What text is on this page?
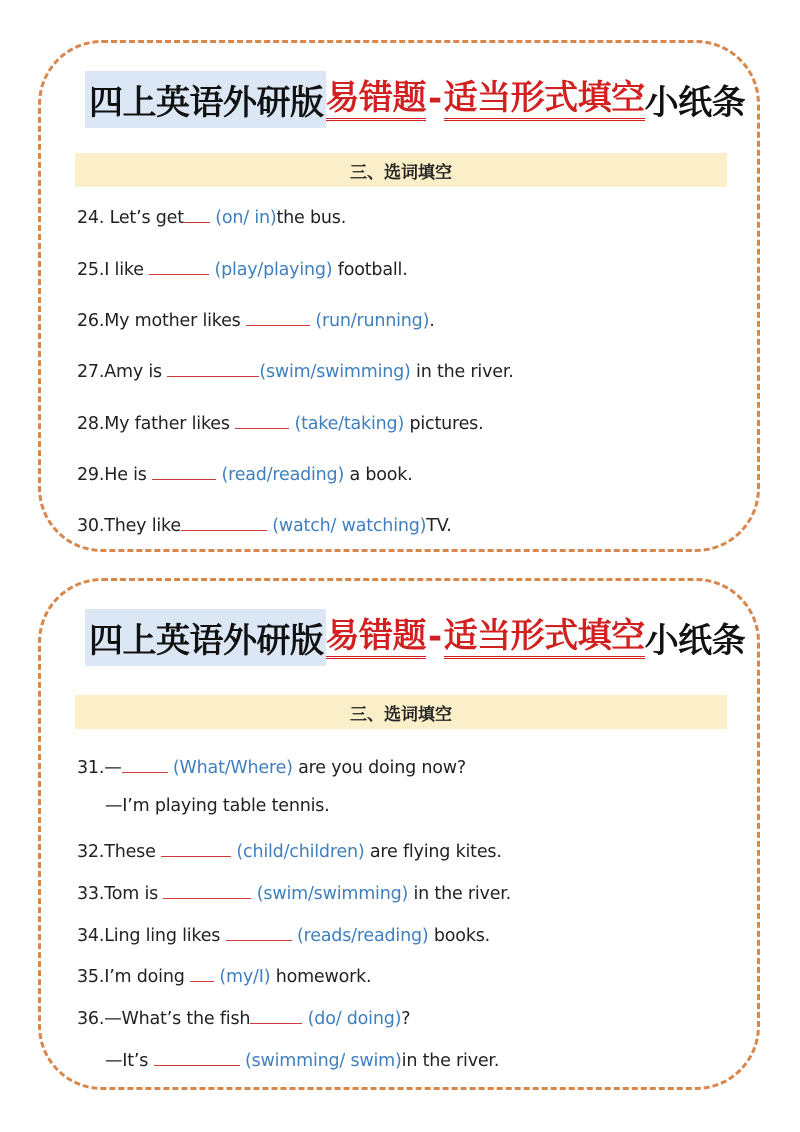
四上英语外研版 易错题 - 适当形式填空 小纸条
三、选词填空
24. Let’s get (on/ in)the bus.
25.I like	(play/playing) football.
26.My mother likes	(run/running).
27.Amy is	(swim/swimming) in the river.
28.My father likes	(take/taking) pictures.
29.He is	(read/reading) a book.
30.They like	(watch/ watching)TV.
四上英语外研版 易错题 - 适当形式填空 小纸条
三、选词填空
31.—	(What/Where) are you doing now?
—I’m playing table tennis.
32.These	(child/children) are flying kites.
33.Tom is	(swim/swimming) in the river.
34.Ling ling likes	(reads/reading) books.
35.I’m doing (my/I) homework.
36.—What’s the fish	(do/ doing)?
—It’s	(swimming/ swim)in the river.
